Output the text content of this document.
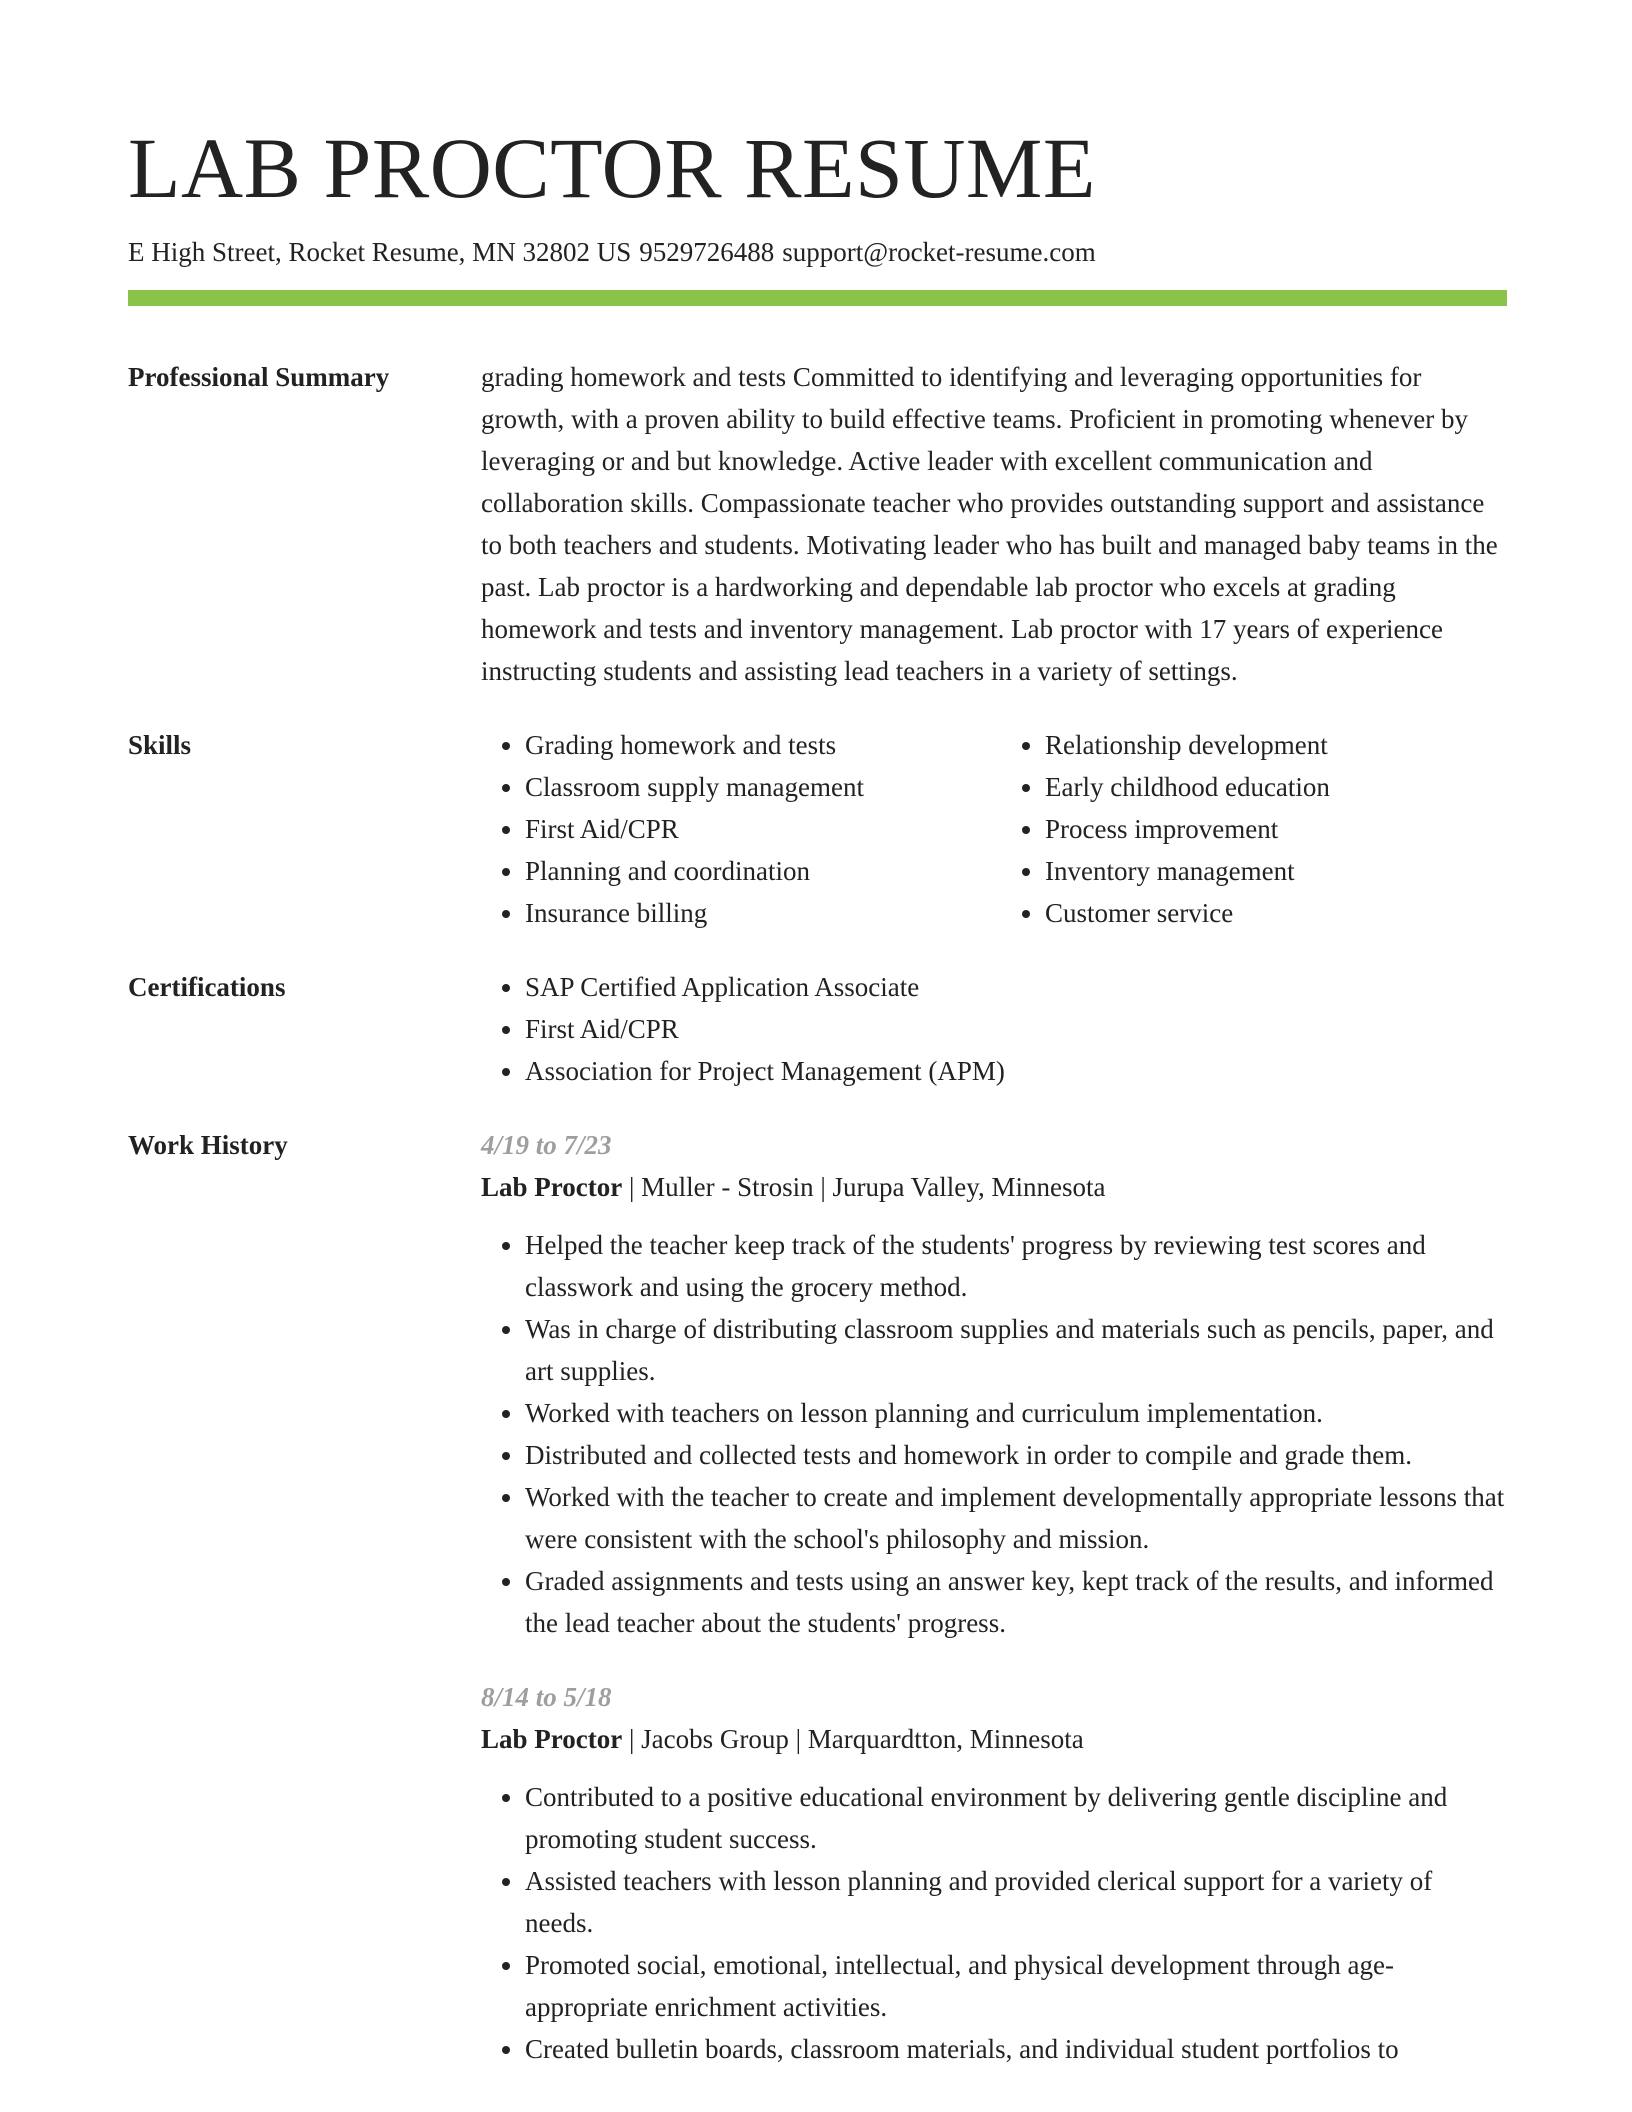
LAB PROCTOR RESUME
E High Street, Rocket Resume, MN 32802 US 9529726488 support@rocket-resume.com
Professional Summary	grading homework and tests Committed to identifying and leveraging opportunities for growth, with a proven ability to build effective teams. Proficient in promoting whenever by leveraging or and but knowledge. Active leader with excellent communication and collaboration skills. Compassionate teacher who provides outstanding support and assistance to both teachers and students. Motivating leader who has built and managed baby teams in the past. Lab proctor is a hardworking and dependable lab proctor who excels at grading homework and tests and inventory management. Lab proctor with 17 years of experience instructing students and assisting lead teachers in a variety of settings.
Skills	• Grading homework and tests
• Classroom supply management
• First Aid/CPR
• Planning and coordination
• Insurance billing
• Relationship development
• Early childhood education
• Process improvement
• Inventory management
• Customer service
Certifications	• SAP Certified Application Associate
• First Aid/CPR
• Association for Project Management (APM)
Work History	4/19 to 7/23
Lab Proctor | Muller - Strosin | Jurupa Valley, Minnesota
• Helped the teacher keep track of the students' progress by reviewing test scores and classwork and using the grocery method.
• Was in charge of distributing classroom supplies and materials such as pencils, paper, and art supplies.
• Worked with teachers on lesson planning and curriculum implementation.
• Distributed and collected tests and homework in order to compile and grade them.
• Worked with the teacher to create and implement developmentally appropriate lessons that were consistent with the school's philosophy and mission.
• Graded assignments and tests using an answer key, kept track of the results, and informed the lead teacher about the students' progress.
8/14 to 5/18
Lab Proctor | Jacobs Group | Marquardtton, Minnesota
• Contributed to a positive educational environment by delivering gentle discipline and promoting student success.
• Assisted teachers with lesson planning and provided clerical support for a variety of needs.
• Promoted social, emotional, intellectual, and physical development through age-appropriate enrichment activities.
• Created bulletin boards, classroom materials, and individual student portfolios to
